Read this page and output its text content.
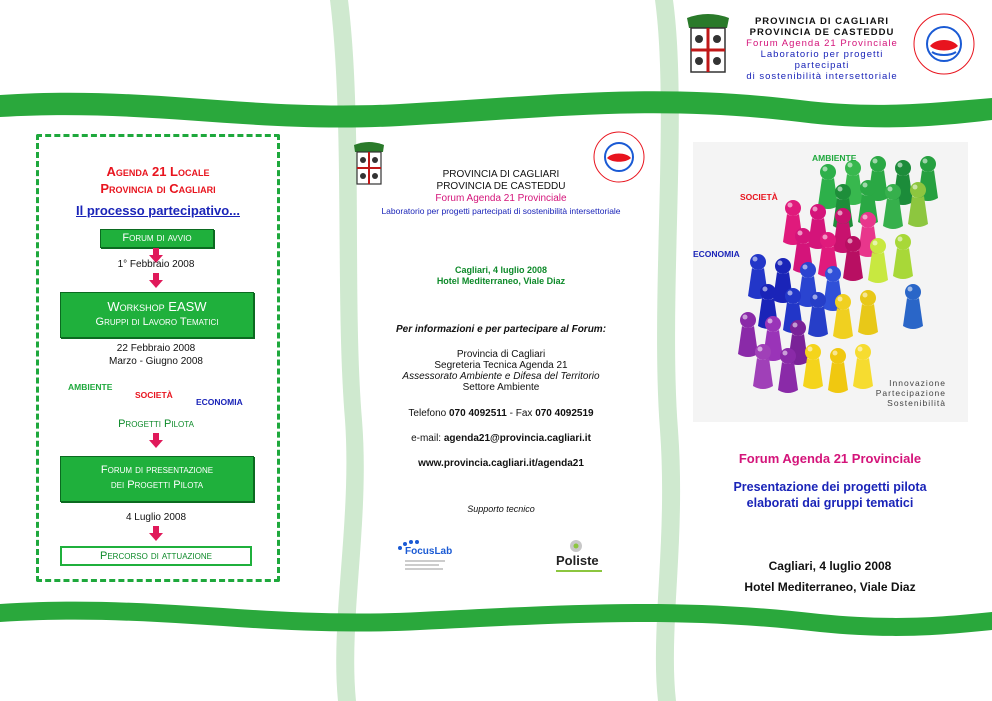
PROVINCIA DI CAGLIARI
PROVINCIA DE CASTEDDU
Forum Agenda 21 Provinciale
Laboratorio per progetti
partecipati
di sostenibilità intersettoriale
Agenda 21 Locale
Provincia di Cagliari
Il processo partecipativo...
Forum di avvio
1° Febbraio 2008
Workshop EASW
Gruppi di Lavoro Tematici
22 Febbraio 2008
Marzo - Giugno 2008
AMBIENTE
SOCIETÀ
ECONOMIA
Progetti Pilota
Forum di presentazione
dei Progetti Pilota
4 Luglio 2008
Percorso di attuazione
PROVINCIA DI CAGLIARI
PROVINCIA DE CASTEDDU
Forum Agenda 21 Provinciale
Laboratorio per progetti partecipati di sostenibilità intersettoriale
Cagliari, 4 luglio 2008
Hotel Mediterraneo, Viale Diaz
Per informazioni e per partecipare al Forum:
Provincia di Cagliari
Segreteria Tecnica Agenda 21
Assessorato Ambiente e Difesa del Territorio
Settore Ambiente
Telefono 070 4092511 - Fax 070 4092519
e-mail: agenda21@provincia.cagliari.it
www.provincia.cagliari.it/agenda21
Supporto tecnico
FocusLab
Poliste
AMBIENTE
SOCIETÀ
ECONOMIA
Innovazione
Partecipazione
Sostenibilità
Forum Agenda 21 Provinciale
Presentazione dei progetti pilota
elaborati dai gruppi tematici
Cagliari, 4 luglio 2008
Hotel Mediterraneo, Viale Diaz
